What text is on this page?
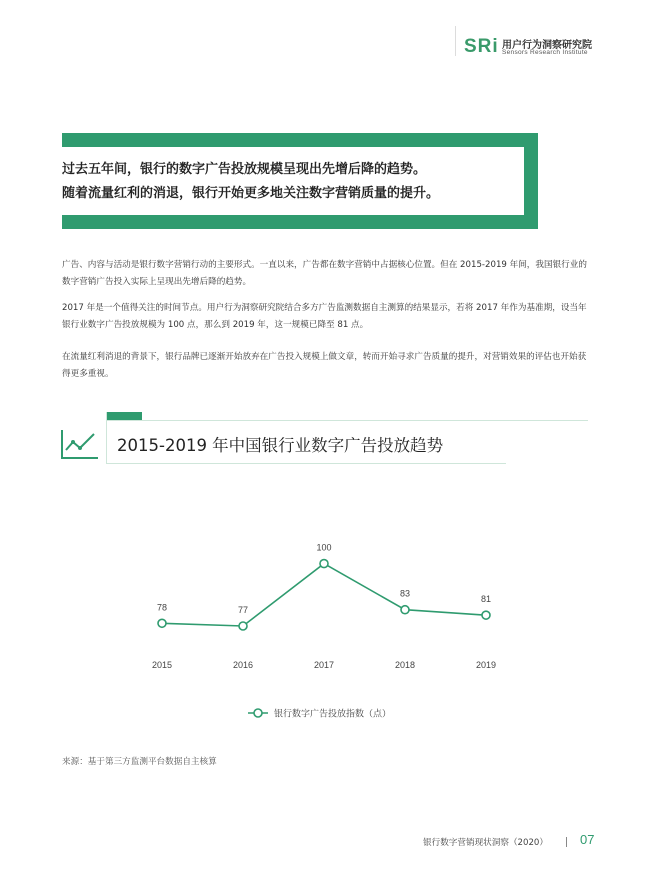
SRi 用户行为洞察研究院
Sensors Research Institute
过去五年间，银行的数字广告投放规模呈现出先增后降的趋势。
随着流量红利的消退，银行开始更多地关注数字营销质量的提升。
广告、内容与活动是银行数字营销行动的主要形式。一直以来，广告都在数字营销中占据核心位置。但在 2015-2019 年间，我国银行业的数字营销广告投入实际上呈现出先增后降的趋势。
2017 年是一个值得关注的时间节点。用户行为洞察研究院结合多方广告监测数据自主测算的结果显示，若将 2017 年作为基准期，设当年银行业数字广告投放规模为 100 点，那么到 2019 年，这一规模已降至 81 点。
在流量红利消退的背景下，银行品牌已逐渐开始放弃在广告投入规模上做文章，转而开始寻求广告质量的提升，对营销效果的评估也开始获得更多重视。
2015-2019 年中国银行业数字广告投放趋势
78	77
100
83
81
2015	2016	2017	2018	2019
银行数字广告投放指数（点）
来源：基于第三方监测平台数据自主核算
银行数字营销现状洞察（2020） 07
